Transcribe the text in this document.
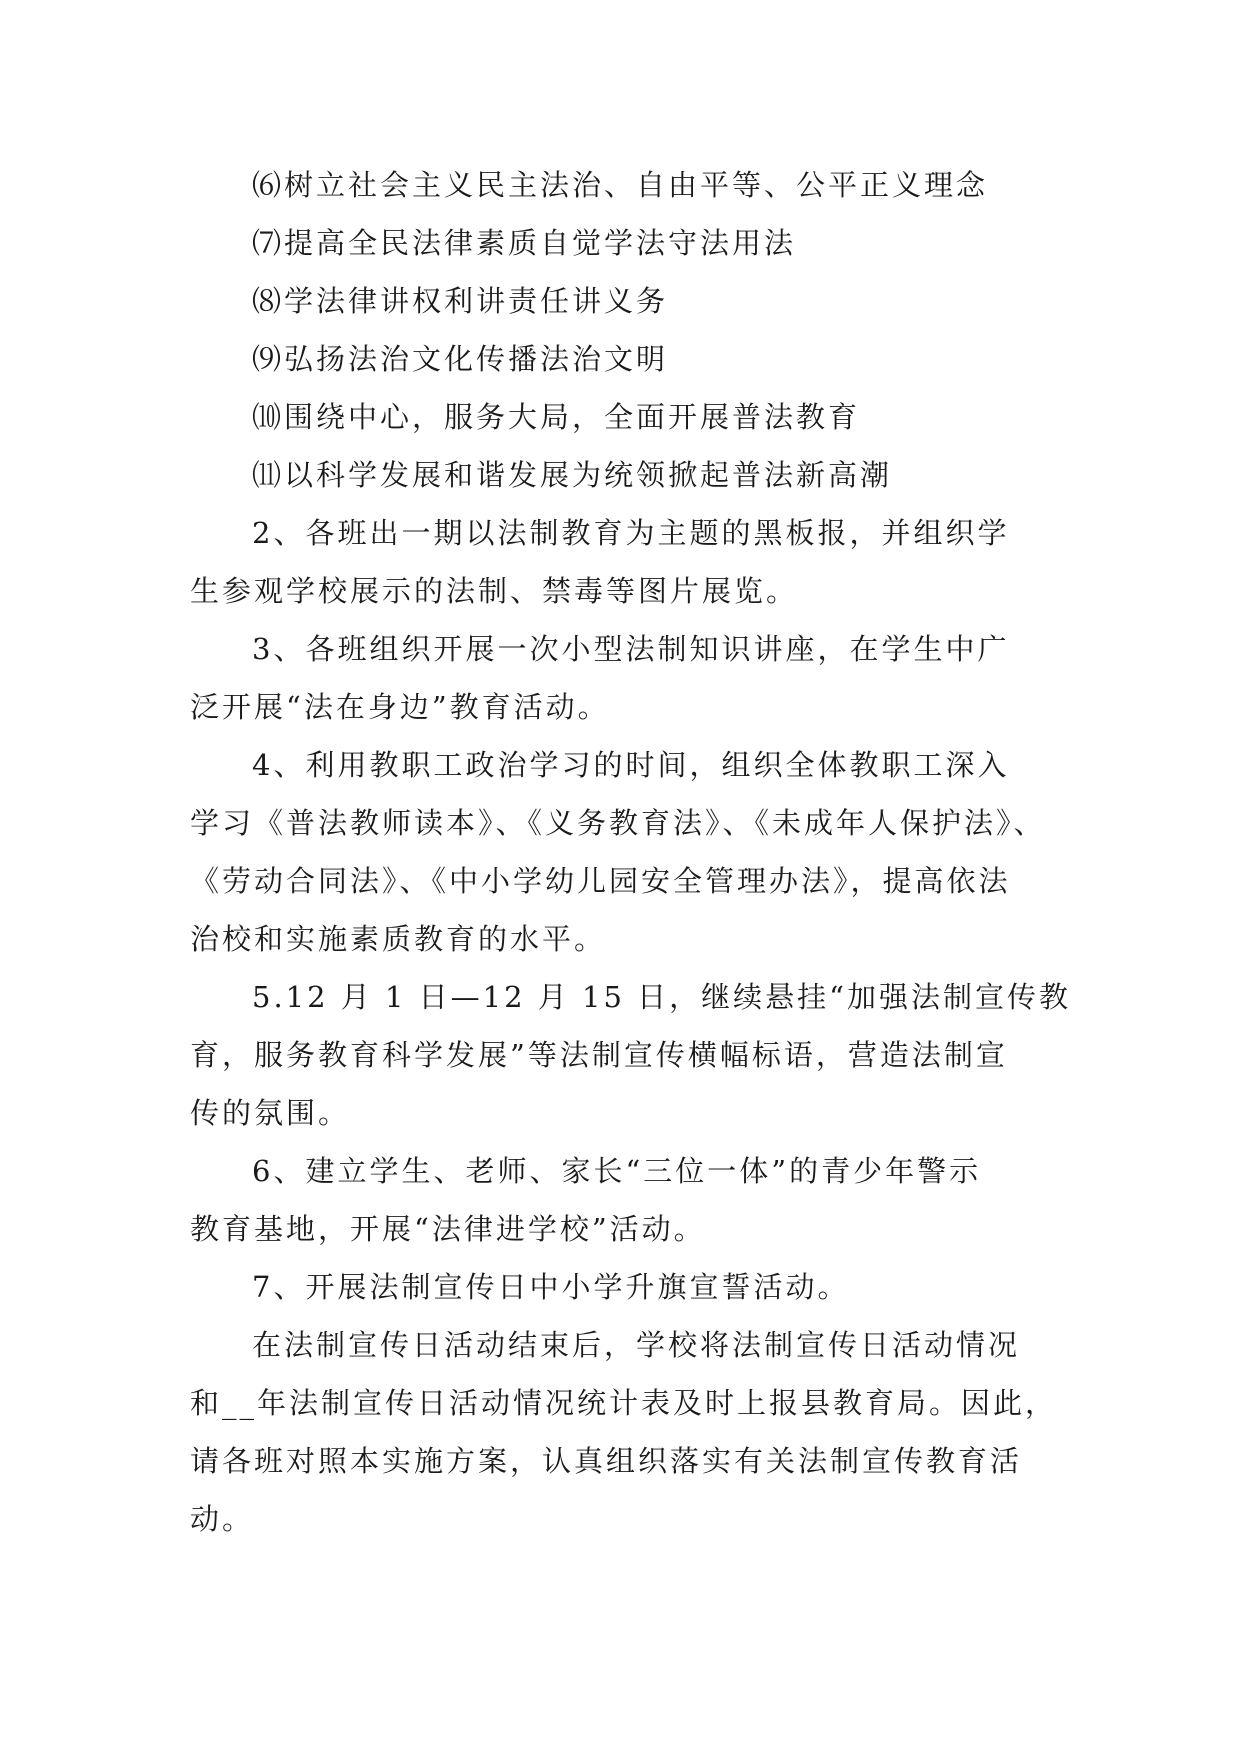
⑹树立社会主义民主法治、自由平等、公平正义理念
⑺提高全民法律素质自觉学法守法用法
⑻学法律讲权利讲责任讲义务
⑼弘扬法治文化传播法治文明
⑽围绕中心，服务大局，全面开展普法教育
⑾以科学发展和谐发展为统领掀起普法新高潮
2、各班出一期以法制教育为主题的黑板报，并组织学
生参观学校展示的法制、禁毒等图片展览。
3、各班组织开展一次小型法制知识讲座，在学生中广
泛开展“法在身边”教育活动。
4、利用教职工政治学习的时间，组织全体教职工深入
学习《普法教师读本》、《义务教育法》、《未成年人保护法》、
《劳动合同法》、《中小学幼儿园安全管理办法》，提高依法
治校和实施素质教育的水平。
5.12 月 1 日—12 月 15 日，继续悬挂“加强法制宣传教
育，服务教育科学发展”等法制宣传横幅标语，营造法制宣
传的氛围。
6、建立学生、老师、家长“三位一体”的青少年警示
教育基地，开展“法律进学校”活动。
7、开展法制宣传日中小学升旗宣誓活动。
在法制宣传日活动结束后，学校将法制宣传日活动情况
和__年法制宣传日活动情况统计表及时上报县教育局。因此，
请各班对照本实施方案，认真组织落实有关法制宣传教育活
动。
